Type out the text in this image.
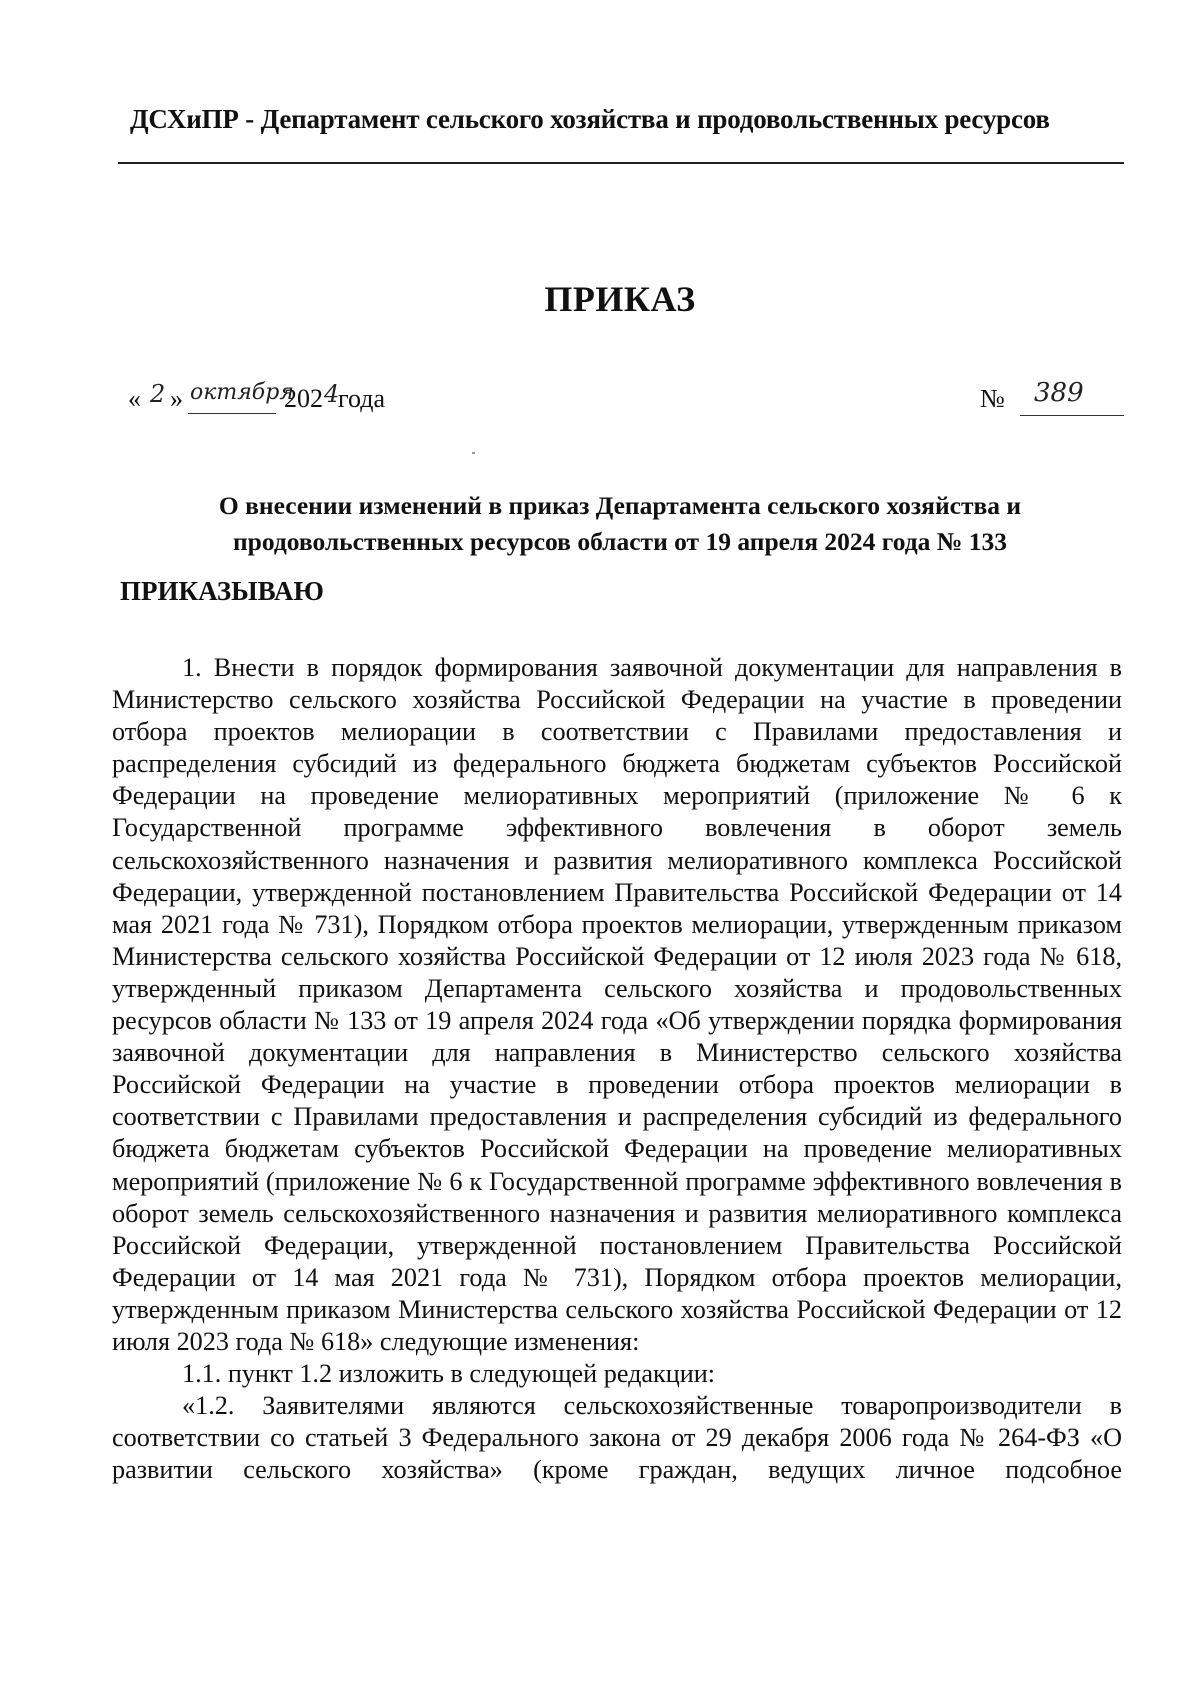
ДСХиПР - Департамент сельского хозяйства и продовольственных ресурсов
ПРИКАЗ
« 2 » октября
202 4
года	№ 389
О внесении изменений в приказ Департамента сельского хозяйства и
продовольственных ресурсов области от 19 апреля 2024 года № 133
ПРИКАЗЫВАЮ

1. Внести в порядок формирования заявочной документации для направления в Министерство сельского хозяйства Российской Федерации на участие в проведении отбора проектов мелиорации в соответствии с Правилами предоставления и распределения субсидий из федерального бюджета бюджетам субъектов Российской Федерации на проведение мелиоративных мероприятий (приложение № 6 к Государственной программе эффективного вовлечения в оборот земель сельскохозяйственного назначения и развития мелиоративного комплекса Российской Федерации, утвержденной постановлением Правительства Российской Федерации от 14 мая 2021 года № 731), Порядком отбора проектов мелиорации, утвержденным приказом Министерства сельского хозяйства Российской Федерации от 12 июля 2023 года № 618, утвержденный приказом Департамента сельского хозяйства и продовольственных ресурсов области № 133 от 19 апреля 2024 года «Об утверждении порядка формирования заявочной документации для направления в Министерство сельского хозяйства Российской Федерации на участие в проведении отбора проектов мелиорации в соответствии с Правилами предоставления и распределения субсидий из федерального бюджета бюджетам субъектов Российской Федерации на проведение мелиоративных мероприятий (приложение № 6 к Государственной программе эффективного вовлечения в оборот земель сельскохозяйственного назначения и развития мелиоративного комплекса Российской Федерации, утвержденной постановлением Правительства Российской Федерации от 14 мая 2021 года № 731), Порядком отбора проектов мелиорации, утвержденным приказом Министерства сельского хозяйства Российской Федерации от 12 июля 2023 года № 618» следующие изменения:

1.1. пункт 1.2 изложить в следующей редакции:

«1.2. Заявителями являются сельскохозяйственные товаропроизводители в соответствии со статьей 3 Федерального закона от 29 декабря 2006 года № 264-ФЗ «О развитии сельского хозяйства» (кроме граждан, ведущих личное подсобное
